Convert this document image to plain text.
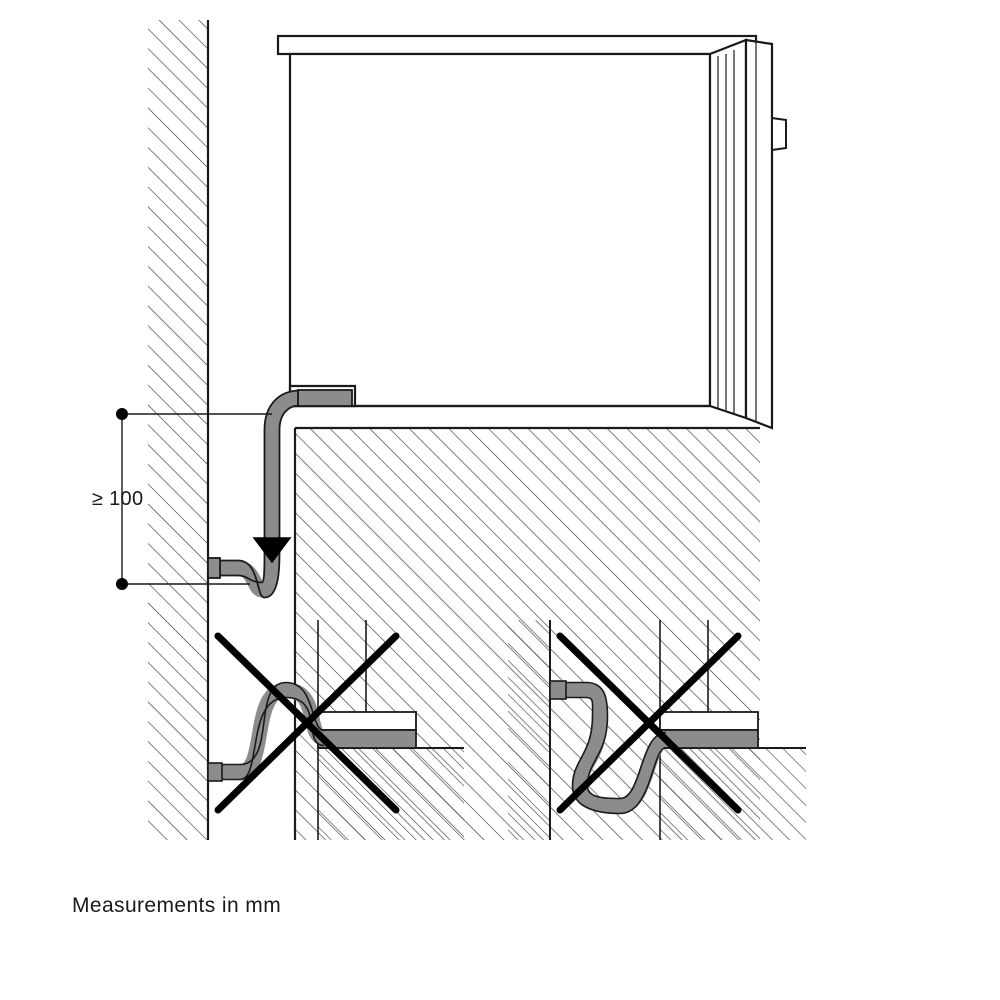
≥ 100
Measurements in mm
